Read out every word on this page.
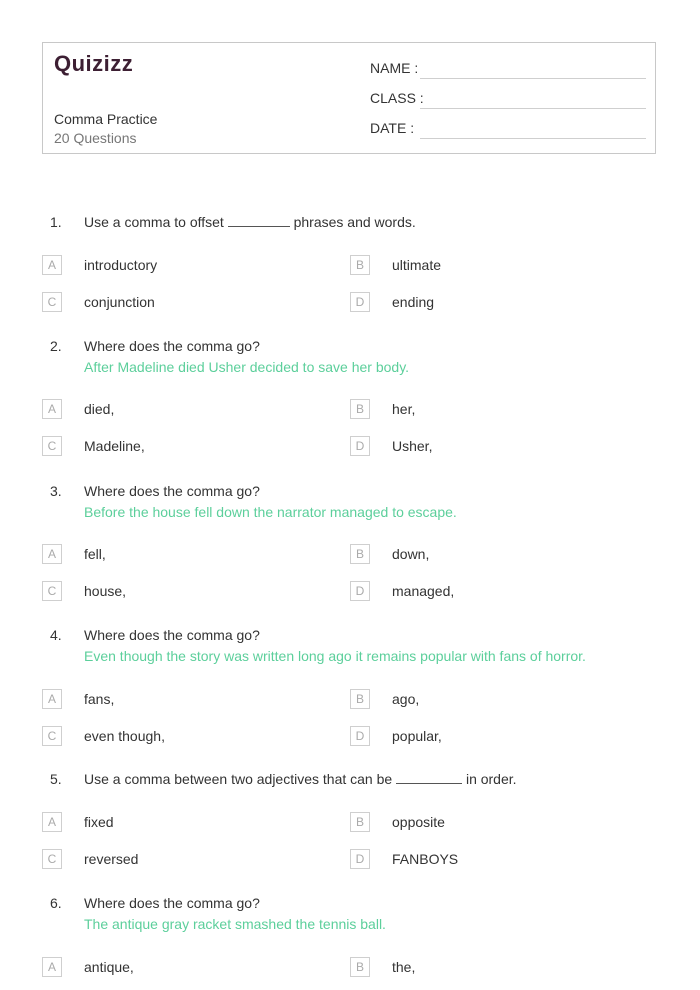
Quizizz
Comma Practice
20 Questions
NAME :
CLASS :
DATE :
1. Use a comma to offset	phrases and words.
A	introductory	B	ultimate
C	conjunction	D	ending
2. Where does the comma go?
After Madeline died Usher decided to save her body.
A	died,	B	her,
C	Madeline,	D	Usher,
3. Where does the comma go?
Before the house fell down the narrator managed to escape.
A	fell,	B	down,
C	house,	D	managed,
4. Where does the comma go?
Even though the story was written long ago it remains popular with fans of horror.
A	fans,	B	ago,
C	even though,	D	popular,
5. Use a comma between two adjectives that can be	in order.
A	fixed	B	opposite
C	reversed	D	FANBOYS
6. Where does the comma go?
The antique gray racket smashed the tennis ball.
A	antique,	B	the,
